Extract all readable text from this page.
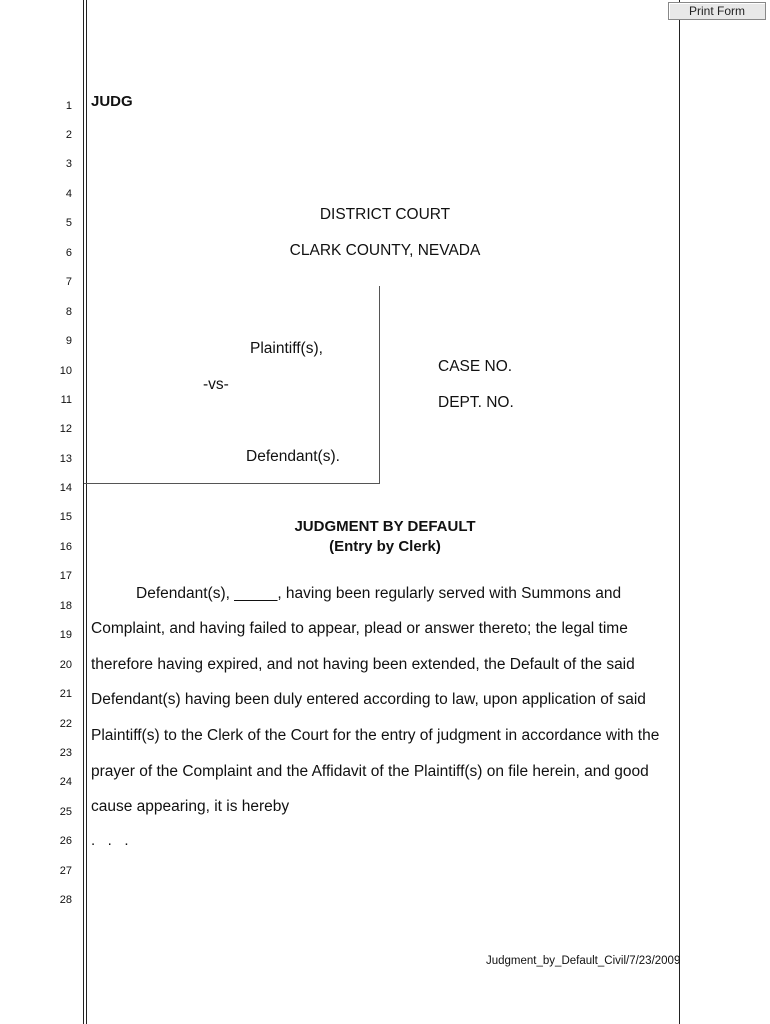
Print Form
1
2
3
4
5
6
7
8
9
10
11
12
13
14
15
16
17
18
19
20
21
22
23
24
25
26
27
28
JUDG
DISTRICT COURT
CLARK COUNTY, NEVADA
Plaintiff(s),
-vs-
Defendant(s).
CASE NO.
DEPT. NO.
JUDGMENT BY DEFAULT
(Entry by Clerk)
Defendant(s), _____, having been regularly served with Summons and
Complaint, and having failed to appear, plead or answer thereto; the legal time
therefore having expired, and not having been extended, the Default of the said
Defendant(s) having been duly entered according to law, upon application of said
Plaintiff(s) to the Clerk of the Court for the entry of judgment in accordance with the
prayer of the Complaint and the Affidavit of the Plaintiff(s) on file herein, and good
cause appearing, it is hereby
.   .   .
Judgment_by_Default_Civil/7/23/2009
